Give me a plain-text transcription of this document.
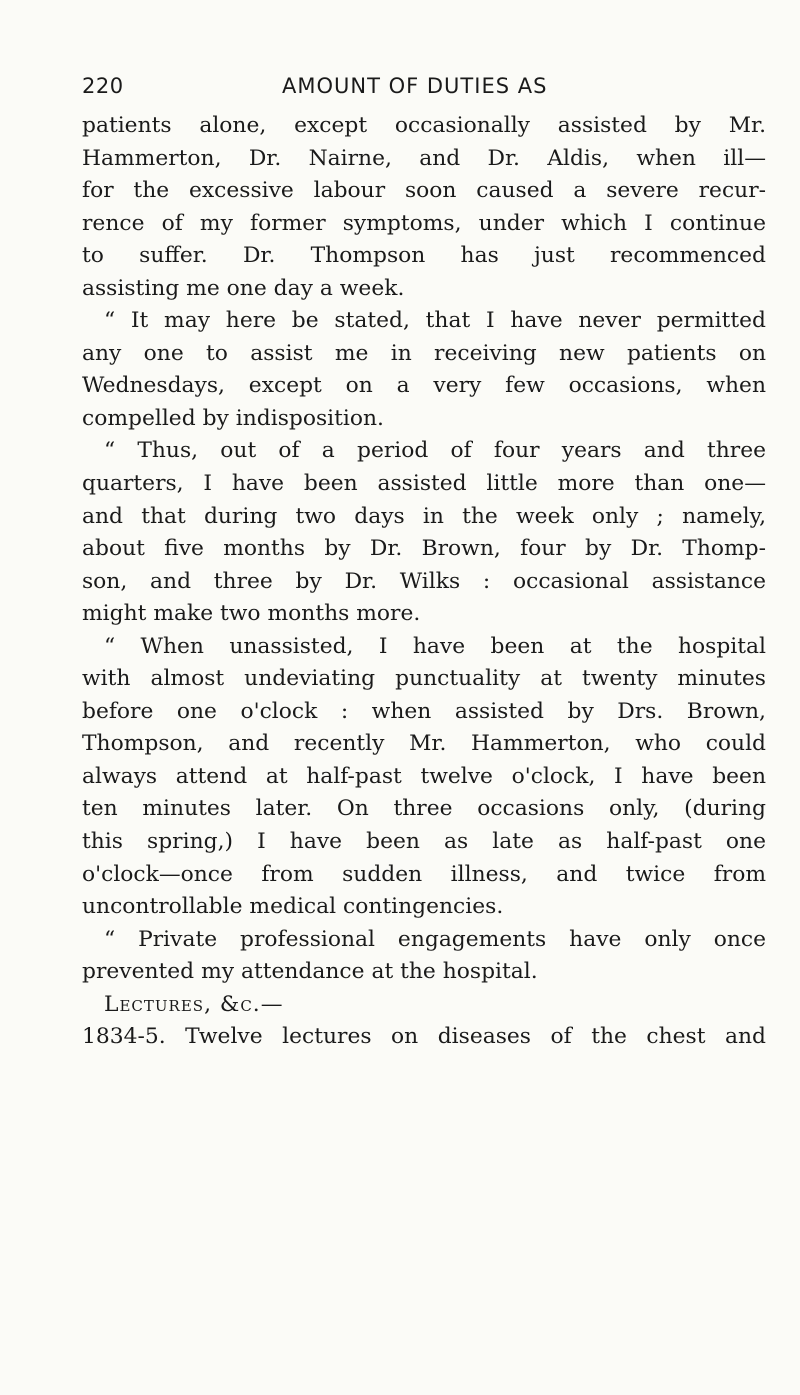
220	AMOUNT OF DUTIES AS
patients alone, except occasionally assisted by Mr.
Hammerton, Dr. Nairne, and Dr. Aldis, when ill—
for the excessive labour soon caused a severe recur-
rence of my former symptoms, under which I continue
to suffer. Dr. Thompson has just recommenced
assisting me one day a week.
“ It may here be stated, that I have never permitted
any one to assist me in receiving new patients on
Wednesdays, except on a very few occasions, when
compelled by indisposition.
“ Thus, out of a period of four years and three
quarters, I have been assisted little more than one—
and that during two days in the week only ; namely,
about five months by Dr. Brown, four by Dr. Thomp-
son, and three by Dr. Wilks : occasional assistance
might make two months more.
“ When unassisted, I have been at the hospital
with almost undeviating punctuality at twenty minutes
before one o'clock : when assisted by Drs. Brown,
Thompson, and recently Mr. Hammerton, who could
always attend at half-past twelve o'clock, I have been
ten minutes later. On three occasions only, (during
this spring,) I have been as late as half-past one
o'clock—once from sudden illness, and twice from
uncontrollable medical contingencies.
“ Private professional engagements have only once
prevented my attendance at the hospital.
Lectures, &c.—
1834-5. Twelve lectures on diseases of the chest and
